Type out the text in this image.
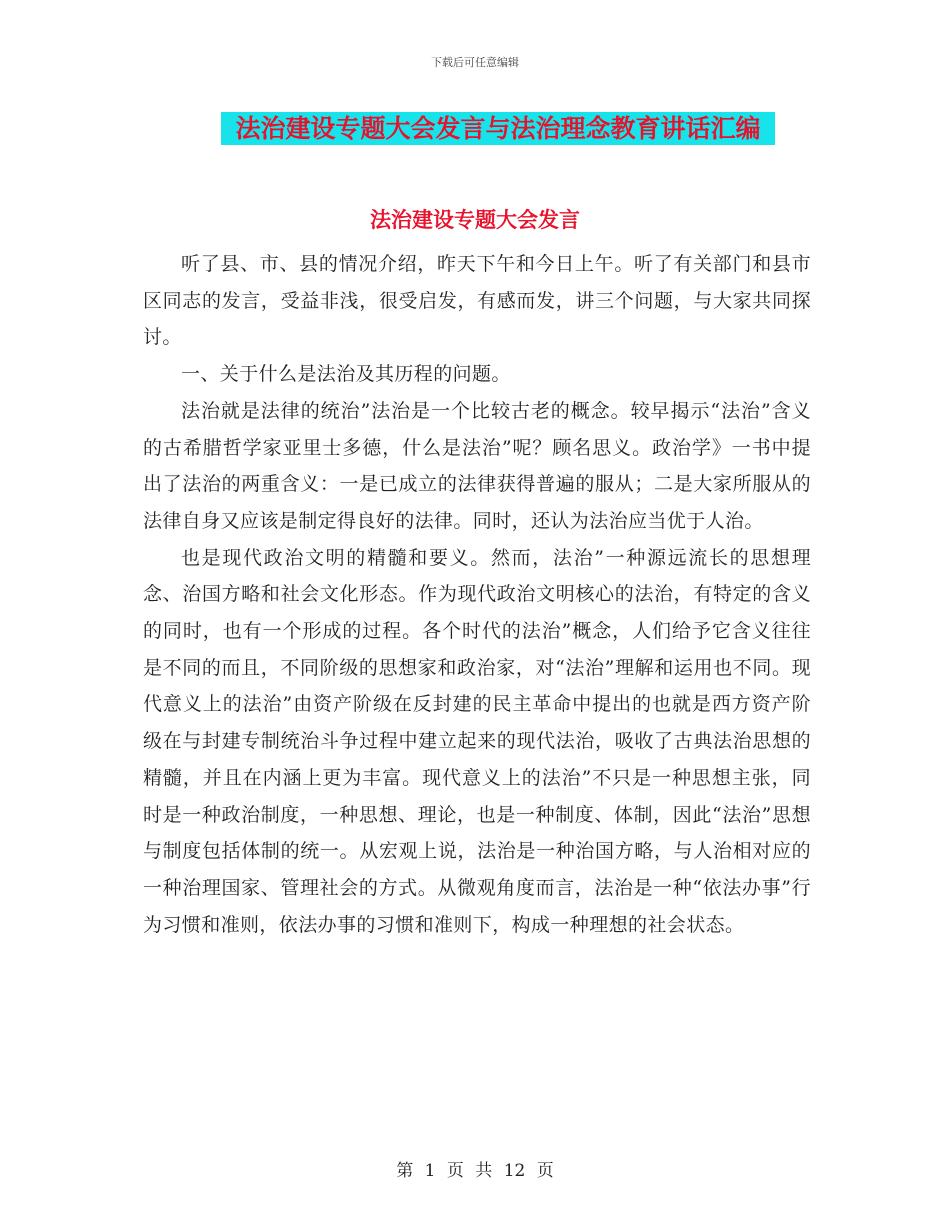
下载后可任意编辑
法治建设专题大会发言与法治理念教育讲话汇编
法治建设专题大会发言

听了县、市、县的情况介绍，昨天下午和今日上午。听了有关部门和县市区同志的发言，受益非浅，很受启发，有感而发，讲三个问题，与大家共同探讨。

一、关于什么是法治及其历程的问题。

法治就是法律的统治”法治是一个比较古老的概念。较早揭示“法治”含义的古希腊哲学家亚里士多德，什么是法治”呢？顾名思义。政治学》一书中提出了法治的两重含义：一是已成立的法律获得普遍的服从；二是大家所服从的法律自身又应该是制定得良好的法律。同时，还认为法治应当优于人治。

也是现代政治文明的精髓和要义。然而，法治”一种源远流长的思想理念、治国方略和社会文化形态。作为现代政治文明核心的法治，有特定的含义的同时，也有一个形成的过程。各个时代的法治”概念，人们给予它含义往往是不同的而且，不同阶级的思想家和政治家，对“法治”理解和运用也不同。现代意义上的法治”由资产阶级在反封建的民主革命中提出的也就是西方资产阶级在与封建专制统治斗争过程中建立起来的现代法治，吸收了古典法治思想的精髓，并且在内涵上更为丰富。现代意义上的法治”不只是一种思想主张，同时是一种政治制度，一种思想、理论，也是一种制度、体制，因此“法治”思想与制度包括体制的统一。从宏观上说，法治是一种治国方略，与人治相对应的一种治理国家、管理社会的方式。从微观角度而言，法治是一种“依法办事”行为习惯和准则，依法办事的习惯和准则下，构成一种理想的社会状态。

第 1 页 共 12 页
